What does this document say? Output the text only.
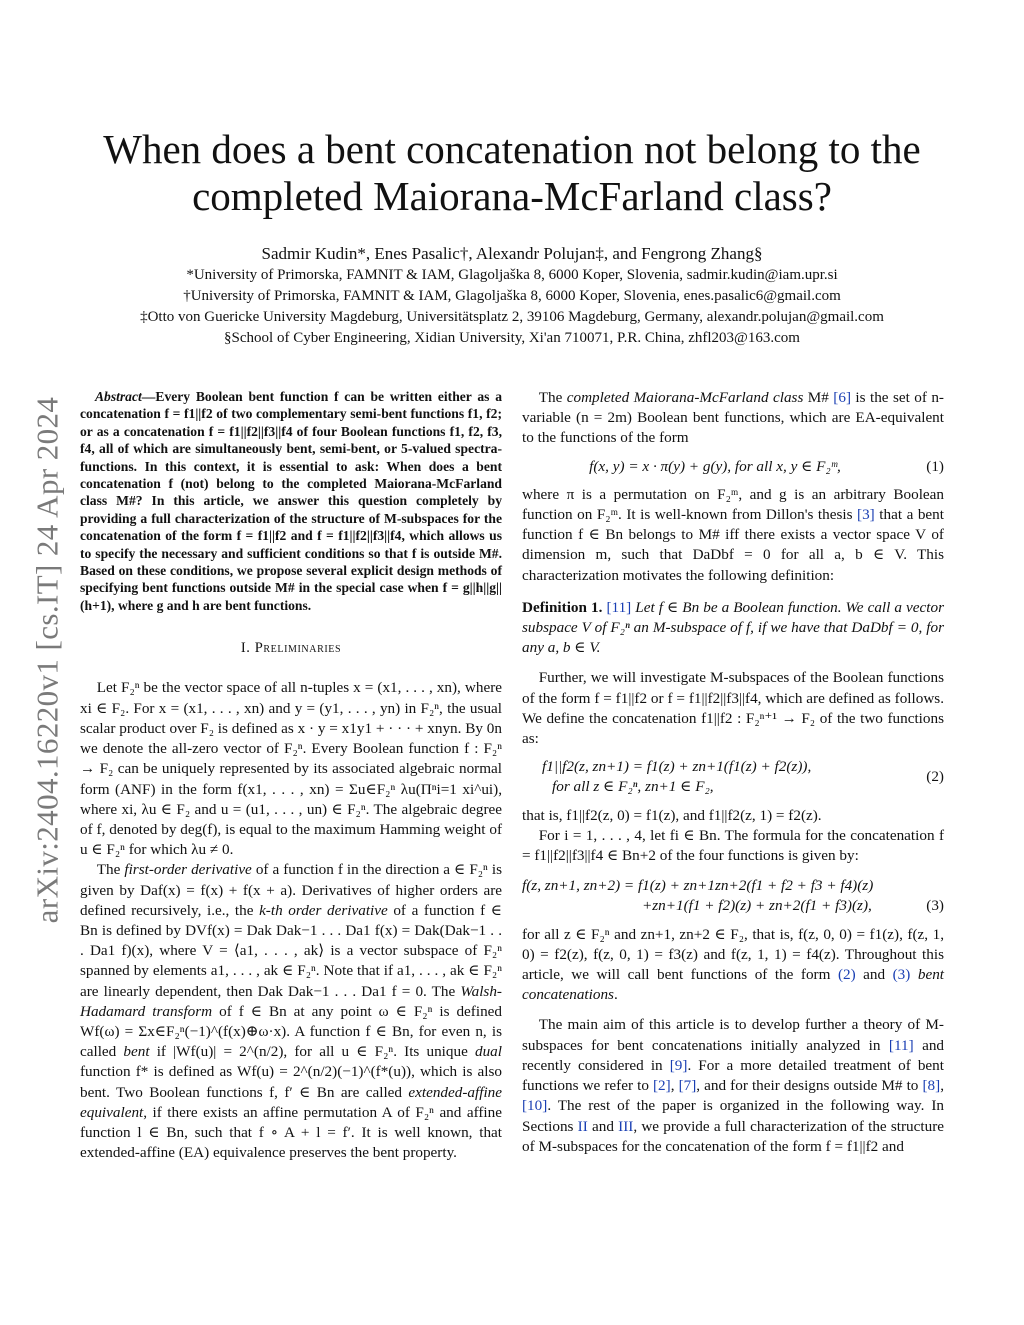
arXiv:2404.16220v1 [cs.IT] 24 Apr 2024
When does a bent concatenation not belong to the completed Maiorana-McFarland class?
Sadmir Kudin*, Enes Pasalic†, Alexandr Polujan‡, and Fengrong Zhang§
*University of Primorska, FAMNIT & IAM, Glagoljaška 8, 6000 Koper, Slovenia, sadmir.kudin@iam.upr.si
†University of Primorska, FAMNIT & IAM, Glagoljaška 8, 6000 Koper, Slovenia, enes.pasalic6@gmail.com
‡Otto von Guericke University Magdeburg, Universitätsplatz 2, 39106 Magdeburg, Germany, alexandr.polujan@gmail.com
§School of Cyber Engineering, Xidian University, Xi'an 710071, P.R. China, zhfl203@163.com

Abstract—Every Boolean bent function f can be written either as a concatenation f = f1||f2 of two complementary semi-bent functions f1, f2; or as a concatenation f = f1||f2||f3||f4 of four Boolean functions f1, f2, f3, f4, all of which are simultaneously bent, semi-bent, or 5-valued spectra-functions. In this context, it is essential to ask: When does a bent concatenation f (not) belong to the completed Maiorana-McFarland class M#? In this article, we answer this question completely by providing a full characterization of the structure of M-subspaces for the concatenation of the form f = f1||f2 and f = f1||f2||f3||f4, which allows us to specify the necessary and sufficient conditions so that f is outside M#. Based on these conditions, we propose several explicit design methods of specifying bent functions outside M# in the special case when f = g||h||g||(h+1), where g and h are bent functions.

I. Preliminaries

Let F₂ⁿ be the vector space of all n-tuples x = (x1, . . . , xn), where xi ∈ F₂. For x = (x1, . . . , xn) and y = (y1, . . . , yn) in F₂ⁿ, the usual scalar product over F₂ is defined as x · y = x1y1 + · · · + xnyn. By 0n we denote the all-zero vector of F₂ⁿ. Every Boolean function f : F₂ⁿ → F₂ can be uniquely represented by its associated algebraic normal form (ANF) in the form f(x1, . . . , xn) = Σu∈F₂ⁿ λu(Πⁿi=1 xi^ui), where xi, λu ∈ F₂ and u = (u1, . . . , un) ∈ F₂ⁿ. The algebraic degree of f, denoted by deg(f), is equal to the maximum Hamming weight of u ∈ F₂ⁿ for which λu ≠ 0.

The first-order derivative of a function f in the direction a ∈ F₂ⁿ is given by Daf(x) = f(x) + f(x + a). Derivatives of higher orders are defined recursively, i.e., the k-th order derivative of a function f ∈ Bn is defined by DVf(x) = Dak Dak−1 . . . Da1 f(x) = Dak(Dak−1 . . . Da1 f)(x), where V = ⟨a1, . . . , ak⟩ is a vector subspace of F₂ⁿ spanned by elements a1, . . . , ak ∈ F₂ⁿ. Note that if a1, . . . , ak ∈ F₂ⁿ are linearly dependent, then Dak Dak−1 . . . Da1 f = 0. The Walsh-Hadamard transform of f ∈ Bn at any point ω ∈ F₂ⁿ is defined Wf(ω) = Σx∈F₂ⁿ(−1)^(f(x)⊕ω·x). A function f ∈ Bn, for even n, is called bent if |Wf(u)| = 2^(n/2), for all u ∈ F₂ⁿ. Its unique dual function f* is defined as Wf(u) = 2^(n/2)(−1)^(f*(u)), which is also bent. Two Boolean functions f, f′ ∈ Bn are called extended-affine equivalent, if there exists an affine permutation A of F₂ⁿ and affine function l ∈ Bn, such that f ∘ A + l = f′. It is well known, that extended-affine (EA) equivalence preserves the bent property.

The completed Maiorana-McFarland class M# [6] is the set of n-variable (n = 2m) Boolean bent functions, which are EA-equivalent to the functions of the form

f(x, y) = x · π(y) + g(y), for all x, y ∈ F₂ᵐ,	(1)

where π is a permutation on F₂ᵐ, and g is an arbitrary Boolean function on F₂ᵐ. It is well-known from Dillon's thesis [3] that a bent function f ∈ Bn belongs to M# iff there exists a vector space V of dimension m, such that DaDbf = 0 for all a, b ∈ V. This characterization motivates the following definition:

Definition 1. [11] Let f ∈ Bn be a Boolean function. We call a vector subspace V of F₂ⁿ an M-subspace of f, if we have that DaDbf = 0, for any a, b ∈ V.

Further, we will investigate M-subspaces of the Boolean functions of the form f = f1||f2 or f = f1||f2||f3||f4, which are defined as follows. We define the concatenation f1||f2 : F₂ⁿ⁺¹ → F₂ of the two functions as:

f1||f2(z, zn+1) = f1(z) + zn+1(f1(z) + f2(z)),
for all z ∈ F₂ⁿ, zn+1 ∈ F₂,
(2)

that is, f1||f2(z, 0) = f1(z), and f1||f2(z, 1) = f2(z).

For i = 1, . . . , 4, let fi ∈ Bn. The formula for the concatenation f = f1||f2||f3||f4 ∈ Bn+2 of the four functions is given by:

f(z, zn+1, zn+2) = f1(z) + zn+1zn+2(f1 + f2 + f3 + f4)(z)
+zn+1(f1 + f2)(z) + zn+2(f1 + f3)(z),	(3)

for all z ∈ F₂ⁿ and zn+1, zn+2 ∈ F₂, that is, f(z, 0, 0) = f1(z), f(z, 1, 0) = f2(z), f(z, 0, 1) = f3(z) and f(z, 1, 1) = f4(z). Throughout this article, we will call bent functions of the form (2) and (3) bent concatenations.

The main aim of this article is to develop further a theory of M-subspaces for bent concatenations initially analyzed in [11] and recently considered in [9]. For a more detailed treatment of bent functions we refer to [2], [7], and for their designs outside M# to [8], [10]. The rest of the paper is organized in the following way. In Sections II and III, we provide a full characterization of the structure of M-subspaces for the concatenation of the form f = f1||f2 and
